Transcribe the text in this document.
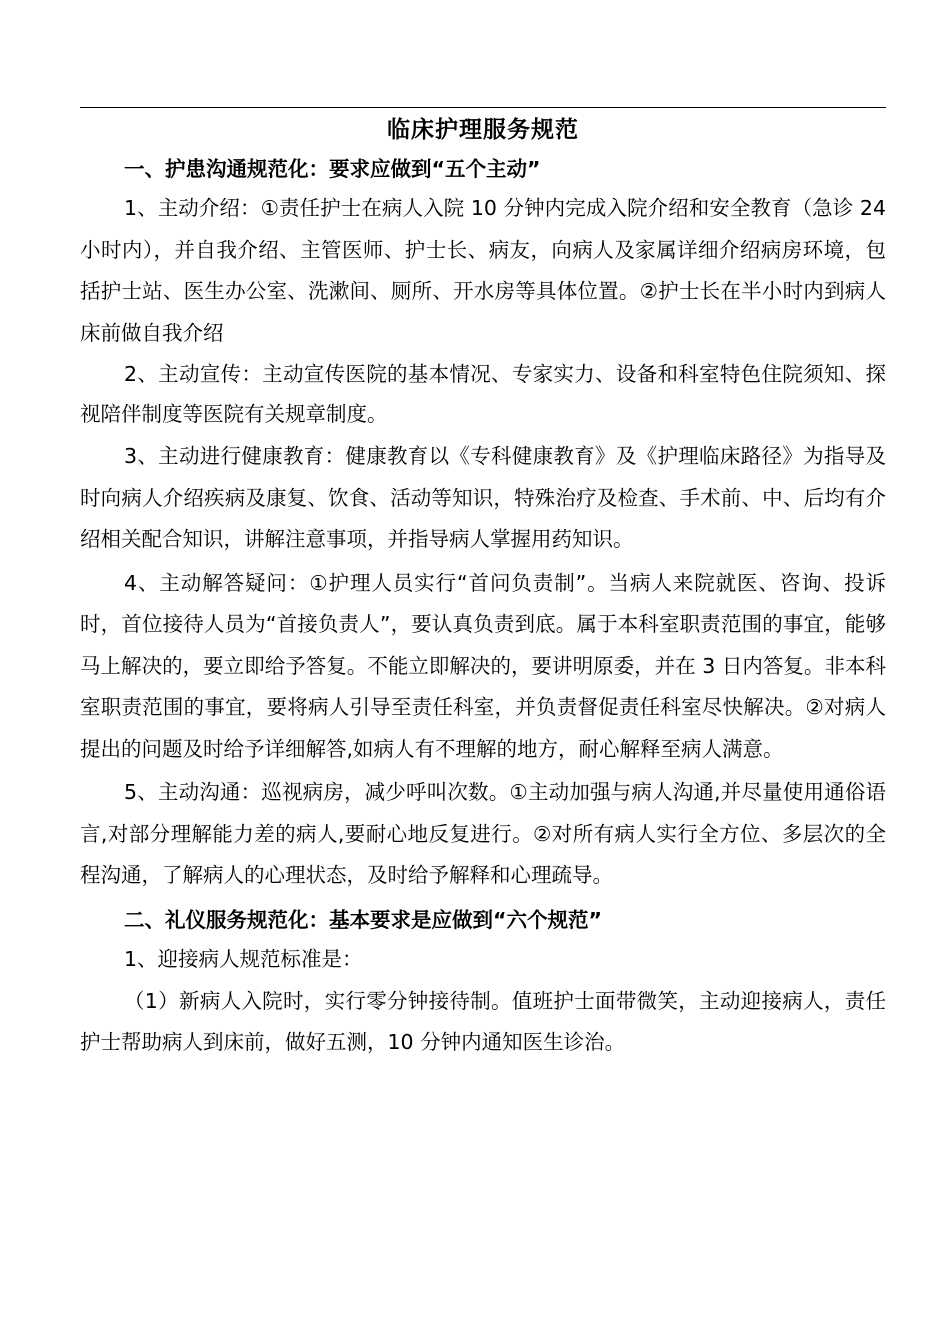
临床护理服务规范
一、护患沟通规范化：要求应做到“五个主动”

1、主动介绍：①责任护士在病人入院 10 分钟内完成入院介绍和安全教育（急诊 24 小时内），并自我介绍、主管医师、护士长、病友，向病人及家属详细介绍病房环境，包括护士站、医生办公室、洗漱间、厕所、开水房等具体位置。②护士长在半小时内到病人床前做自我介绍

2、主动宣传：主动宣传医院的基本情况、专家实力、设备和科室特色住院须知、探视陪伴制度等医院有关规章制度。

3、主动进行健康教育：健康教育以《专科健康教育》及《护理临床路径》为指导及时向病人介绍疾病及康复、饮食、活动等知识，特殊治疗及检查、手术前、中、后均有介绍相关配合知识，讲解注意事项，并指导病人掌握用药知识。

4、主动解答疑问：①护理人员实行“首问负责制”。当病人来院就医、咨询、投诉时，首位接待人员为“首接负责人”，要认真负责到底。属于本科室职责范围的事宜，能够马上解决的，要立即给予答复。不能立即解决的，要讲明原委，并在 3 日内答复。非本科室职责范围的事宜，要将病人引导至责任科室，并负责督促责任科室尽快解决。②对病人提出的问题及时给予详细解答,如病人有不理解的地方，耐心解释至病人满意。

5、主动沟通：巡视病房，减少呼叫次数。①主动加强与病人沟通,并尽量使用通俗语言,对部分理解能力差的病人,要耐心地反复进行。②对所有病人实行全方位、多层次的全程沟通，了解病人的心理状态，及时给予解释和心理疏导。

二、礼仪服务规范化：基本要求是应做到“六个规范”

1、迎接病人规范标准是：

（1）新病人入院时，实行零分钟接待制。值班护士面带微笑，主动迎接病人，责任护士帮助病人到床前，做好五测，10 分钟内通知医生诊治。
